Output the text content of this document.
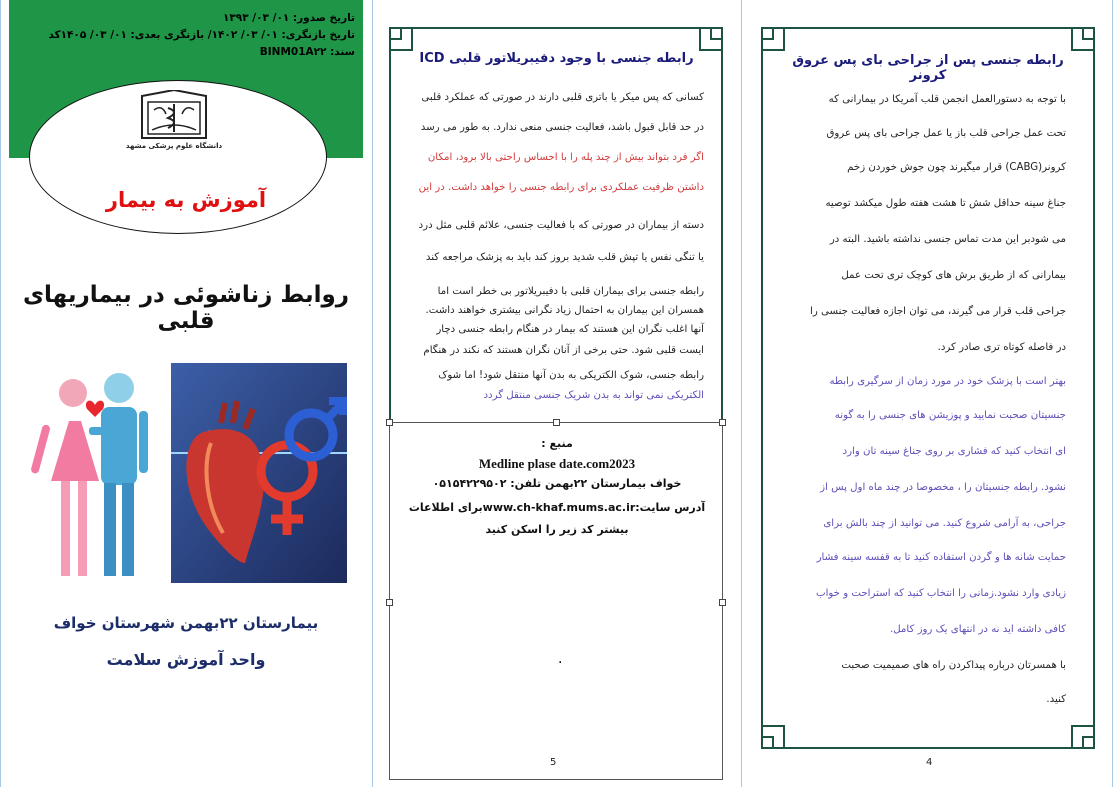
تاریخ صدور: ۰۱/ ۰۳/ ۱۳۹۳
تاریخ بازنگری: ۰۱/ ۰۳/ ۱۴۰۲/ بازنگری بعدی: ۰۱/ ۰۳/ ۱۴۰۵کد
سند: BINM01A۲۲
دانشگاه علوم پزشکی مشهد
آموزش به بیمار
روابط زناشوئی در بیماریهای قلبی
بیمارستان ۲۲بهمن شهرستان خواف
واحد آموزش سلامت
رابطه جنسی با وجود دفیبریلاتور قلبی ICD
کسانی که پس میکر یا باتری قلبی دارند در صورتی که عملکرد قلبی
در حد قابل قبول باشد، فعالیت جنسی منعی ندارد. به طور می رسد
اگر فرد بتواند بیش از چند پله را با احساس راحتی بالا برود، امکان
داشتن ظرفیت عملکردی برای رابطه جنسی را خواهد داشت. در این
دسته از بیماران در صورتی که با فعالیت جنسی، علائم قلبی مثل درد
یا تنگی نفس یا تپش قلب شدید بروز کند باید به پزشک مراجعه کند
رابطه جنسی برای بیماران قلبی با دفیبریلاتور بی خطر است اما
همسران این بیماران به احتمال زیاد نگرانی بیشتری خواهند داشت.
آنها اغلب نگران این هستند که بیمار در هنگام رابطه جنسی دچار
ایست قلبی شود. حتی برخی از آنان نگران هستند که نکند در هنگام
رابطه جنسی، شوک الکتریکی به بدن آنها منتقل شود! اما شوک
الکتریکی نمی تواند به بدن شریک جنسی منتقل گردد
منبع :
Medline plase date.com2023
خواف بیمارستان ۲۲بهمن تلفن: ۰۵۱۵۴۲۲۹۵۰۲
آدرس سایت:www.ch-khaf.mums.ac.irبرای اطلاعات
بیشتر کد زیر را اسکن کنید
.
5
رابطه جنسی پس از جراحی بای پس عروق کرونر
با توجه به دستورالعمل انجمن قلب آمریکا در بیمارانی که
تحت عمل جراحی قلب باز یا عمل جراحی بای پس عروق
کرونر(CABG) قرار میگیرند چون جوش خوردن زخم
جناغ سینه حداقل شش تا هشت هفته طول میکشد توصیه
می شودبر این مدت تماس جنسی نداشته باشید. البته در
بیمارانی که از طریق برش های کوچک تری تحت عمل
جراحی قلب قرار می گیرند، می توان اجازه فعالیت جنسی را
در فاصله کوتاه تری صادر کرد.
بهتر است با پزشک خود در مورد زمان از سرگیری رابطه
جنسیتان صحبت نمایید و پوزیشن های جنسی را به گونه
ای انتخاب کنید که فشاری بر روی جناغ سینه تان وارد
نشود. رابطه جنسیتان را ، مخصوصا در چند ماه اول پس از
جراحی، به آرامی شروع کنید. می توانید از چند بالش برای
حمایت شانه ها و گردن استفاده کنید تا به قفسه سینه فشار
زیادی وارد نشود.زمانی را انتخاب کنید که استراحت و خواب
کافی داشته اید نه در انتهای یک روز کامل.
با همسرتان درباره پیداکردن راه های صمیمیت صحبت
کنید.
4
